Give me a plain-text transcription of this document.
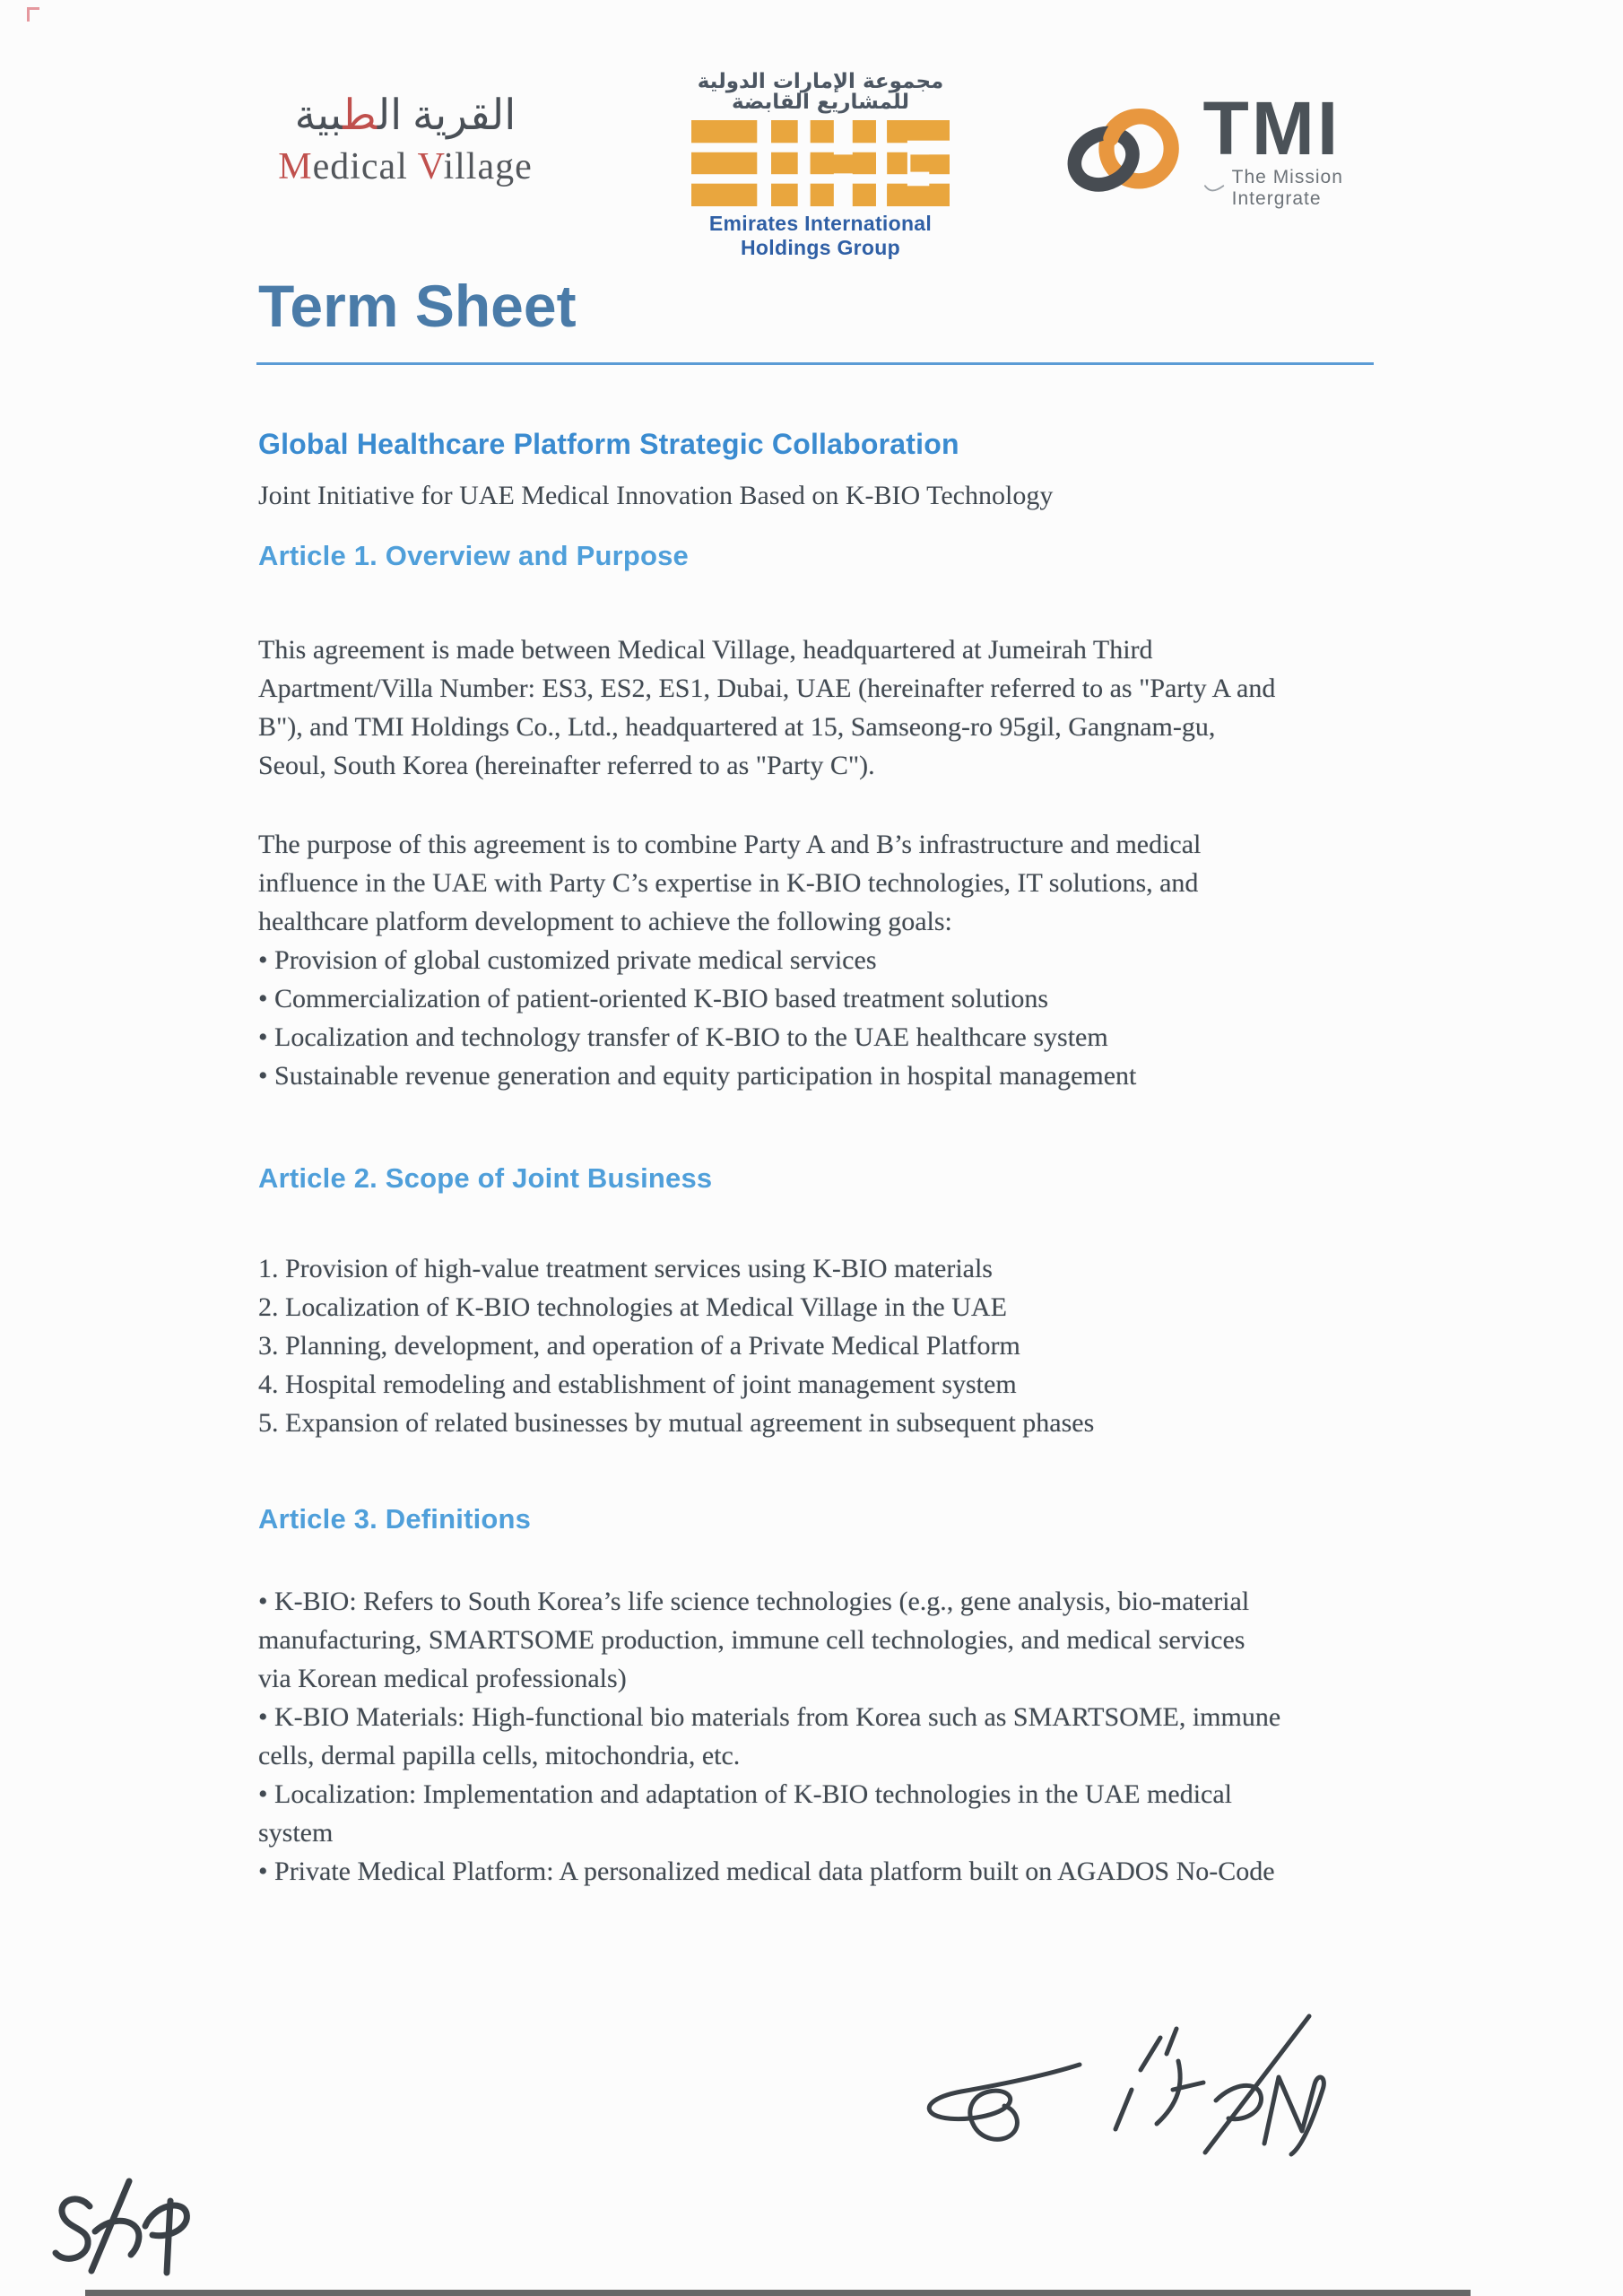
القرية الطبية
Medical Village
مجموعة الإمارات الدولية للمشاريع القابضة
Emirates International Holdings Group
TMI
The Mission Intergrate
Term Sheet
Global Healthcare Platform Strategic Collaboration
Joint Initiative for UAE Medical Innovation Based on K-BIO Technology
Article 1. Overview and Purpose
This agreement is made between Medical Village, headquartered at Jumeirah Third
Apartment/Villa Number: ES3, ES2, ES1, Dubai, UAE (hereinafter referred to as "Party A and
B"), and TMI Holdings Co., Ltd., headquartered at 15, Samseong-ro 95gil, Gangnam-gu,
Seoul, South Korea (hereinafter referred to as "Party C").
The purpose of this agreement is to combine Party A and B’s infrastructure and medical
influence in the UAE with Party C’s expertise in K-BIO technologies, IT solutions, and
healthcare platform development to achieve the following goals:
• Provision of global customized private medical services
• Commercialization of patient-oriented K-BIO based treatment solutions
• Localization and technology transfer of K-BIO to the UAE healthcare system
• Sustainable revenue generation and equity participation in hospital management
Article 2. Scope of Joint Business
1. Provision of high-value treatment services using K-BIO materials
2. Localization of K-BIO technologies at Medical Village in the UAE
3. Planning, development, and operation of a Private Medical Platform
4. Hospital remodeling and establishment of joint management system
5. Expansion of related businesses by mutual agreement in subsequent phases
Article 3. Definitions
• K-BIO: Refers to South Korea’s life science technologies (e.g., gene analysis, bio-material
manufacturing, SMARTSOME production, immune cell technologies, and medical services
via Korean medical professionals)
• K-BIO Materials: High-functional bio materials from Korea such as SMARTSOME, immune
cells, dermal papilla cells, mitochondria, etc.
• Localization: Implementation and adaptation of K-BIO technologies in the UAE medical
system
• Private Medical Platform: A personalized medical data platform built on AGADOS No-Code
